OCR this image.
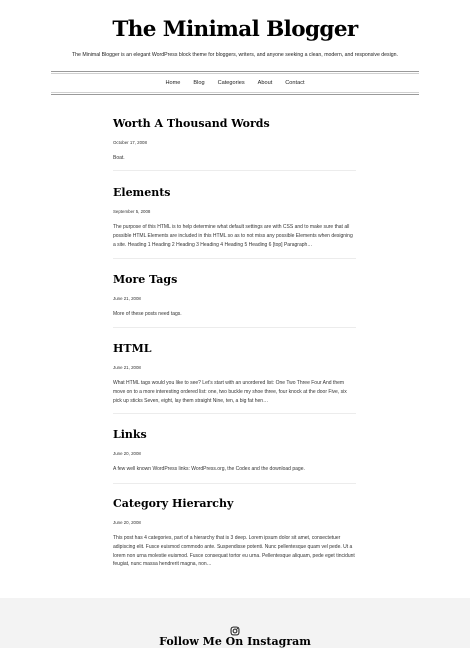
The Minimal Blogger

The Minimal Blogger is an elegant WordPress block theme for bloggers, writers, and anyone seeking a clean, modern, and responsive design.

Home	Blog	Categories	About	Contact
Worth A Thousand Words
October 17, 2008

Boat.

Elements
September 5, 2008

The purpose of this HTML is to help determine what default settings are with CSS and to make sure that all possible HTML Elements are included in this HTML so as to not miss any possible Elements when designing a site. Heading 1 Heading 2 Heading 3 Heading 4 Heading 5 Heading 6 [top] Paragraph…

More Tags
June 21, 2008

More of these posts need tags.

HTML
June 21, 2008

What HTML tags would you like to see? Let’s start with an unordered list: One Two Three Four And them move on to a more interesting ordered list: one, two buckle my shoe three, four knock at the door Five, six pick up sticks Seven, eight, lay them straight Nine, ten, a big fat hen…

Links
June 20, 2008

A few well known WordPress links: WordPress.org, the Codex and the download page.

Category Hierarchy
June 20, 2008

This post has 4 categories, part of a hierarchy that is 3 deep. Lorem ipsum dolor sit amet, consectetuer adipiscing elit. Fusce euismod commodo ante. Suspendisse potenti. Nunc pellentesque quam vel pede. Ut a lorem non urna molestie euismod. Fusce consequat tortor eu urna. Pellentesque aliquam, pede eget tincidunt feugiat, nunc massa hendrerit magna, non…

Follow Me On Instagram
